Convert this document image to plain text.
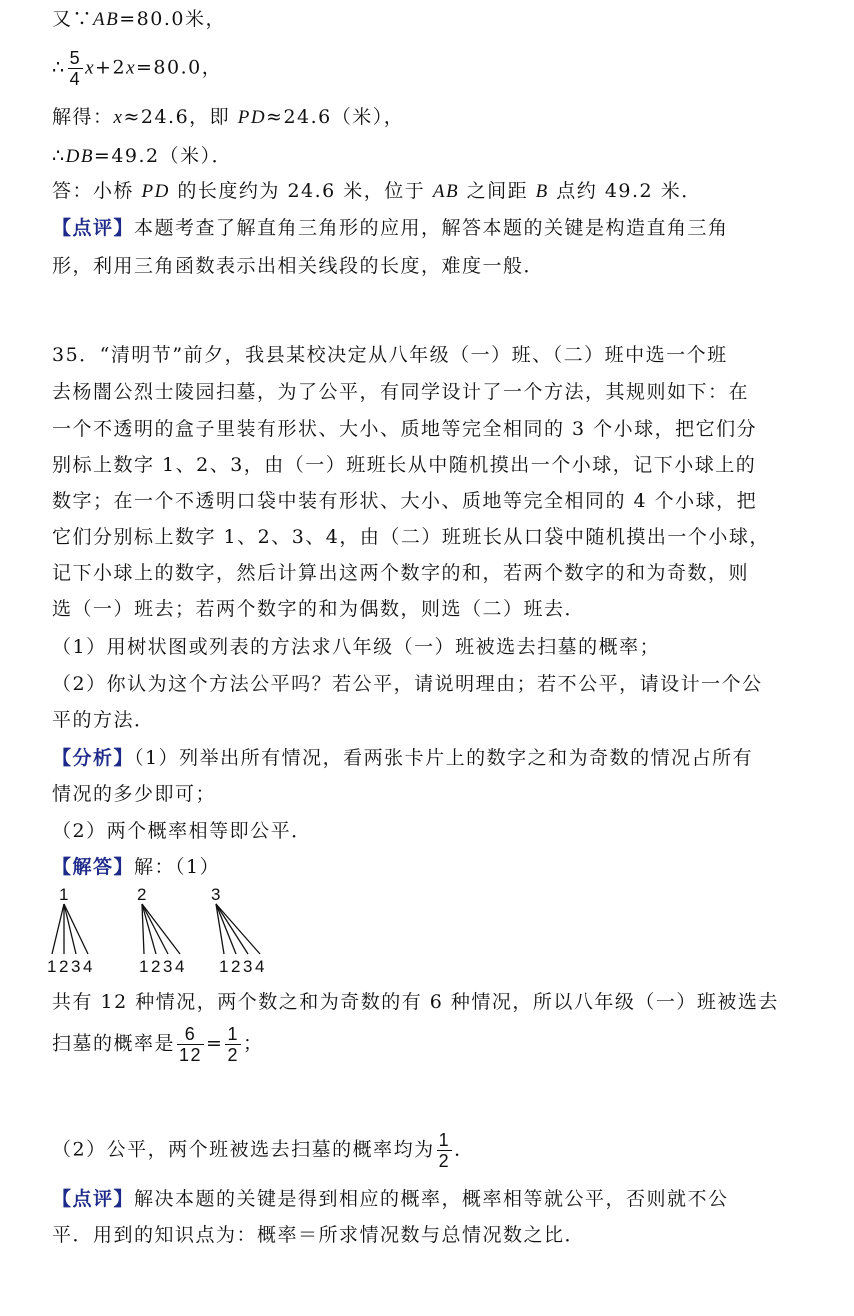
又∵AB=80.0米，
∴ $\frac{5}{4} x+2x=80.0$，
解得：x≈24.6，即 PD≈24.6（米），
∴DB=49.2（米）．
答：小桥 PD 的长度约为 24.6 米，位于 AB 之间距 B 点约 49.2 米．
【点评】本题考查了解直角三角形的应用，解答本题的关键是构造直角三角
形，利用三角函数表示出相关线段的长度，难度一般．
35．“清明节”前夕，我县某校决定从八年级（一）班、（二）班中选一个班
去杨闇公烈士陵园扫墓，为了公平，有同学设计了一个方法，其规则如下：在
一个不透明的盒子里装有形状、大小、质地等完全相同的 3 个小球，把它们分
别标上数字 1、2、3，由（一）班班长从中随机摸出一个小球，记下小球上的
数字；在一个不透明口袋中装有形状、大小、质地等完全相同的 4 个小球，把
它们分别标上数字 1、2、3、4，由（二）班班长从口袋中随机摸出一个小球，
记下小球上的数字，然后计算出这两个数字的和，若两个数字的和为奇数，则
选（一）班去；若两个数字的和为偶数，则选（二）班去．
（1）用树状图或列表的方法求八年级（一）班被选去扫墓的概率；
（2）你认为这个方法公平吗？若公平，请说明理由；若不公平，请设计一个公
平的方法．
【分析】（1）列举出所有情况，看两张卡片上的数字之和为奇数的情况占所有
情况的多少即可；
（2）两个概率相等即公平．
【解答】解：（1）
1	2	3
1 2 3 4	1 2 3 4 1 2 3 4
共有 12 种情况，两个数之和为奇数的有 6 种情况，所以八年级（一）班被选去
扫墓的概率是 $\frac{6}{12} = \frac{1}{2}$ ；
（2）公平，两个班被选去扫墓的概率均为 $\frac{1}{2}$ ．
【点评】解决本题的关键是得到相应的概率，概率相等就公平，否则就不公
平．用到的知识点为：概率＝所求情况数与总情况数之比．
